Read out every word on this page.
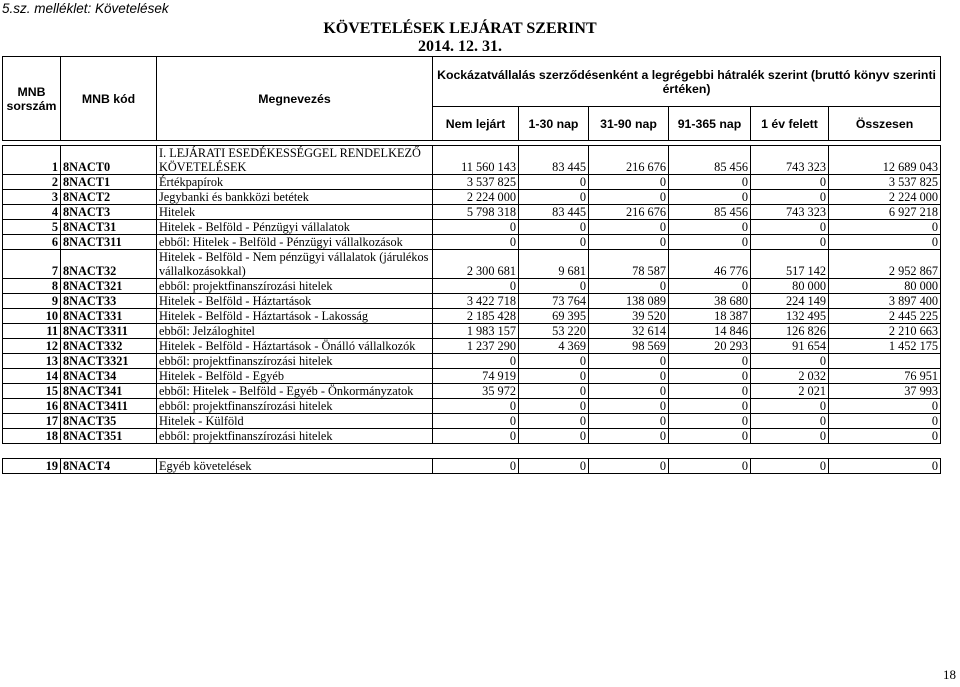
5.sz. melléklet: Követelések
KÖVETELÉSEK LEJÁRAT SZERINT
2014. 12. 31.
MNB sorszám	MNB kód	Megnevezés	Kockázatvállalás szerződésenként a legrégebbi hátralék szerint (bruttó könyv szerinti értéken)					
			Nem lejárt	1-30 nap	31-90 nap	91-365 nap	1 év felett	Összesen

1	8NACT0	I. LEJÁRATI ESEDÉKESSÉGGEL RENDELKEZŐ KÖVETELÉSEK	11 560 143	83 445	216 676	85 456	743 323	12 689 043
2	8NACT1	Értékpapírok	3 537 825	0	0	0	0	3 537 825
3	8NACT2	Jegybanki és bankközi betétek	2 224 000	0	0	0	0	2 224 000
4	8NACT3	Hitelek	5 798 318	83 445	216 676	85 456	743 323	6 927 218
5	8NACT31	Hitelek - Belföld - Pénzügyi vállalatok	0	0	0	0	0	0
6	8NACT311	ebből: Hitelek - Belföld - Pénzügyi vállalkozások	0	0	0	0	0	0
7	8NACT32	Hitelek - Belföld - Nem pénzügyi vállalatok (járulékos vállalkozásokkal)	2 300 681	9 681	78 587	46 776	517 142	2 952 867
8	8NACT321	ebből: projektfinanszírozási hitelek	0	0	0	0	80 000	80 000
9	8NACT33	Hitelek - Belföld - Háztartások	3 422 718	73 764	138 089	38 680	224 149	3 897 400
10	8NACT331	Hitelek - Belföld - Háztartások - Lakosság	2 185 428	69 395	39 520	18 387	132 495	2 445 225
11	8NACT3311	ebből: Jelzáloghitel	1 983 157	53 220	32 614	14 846	126 826	2 210 663
12	8NACT332	Hitelek - Belföld - Háztartások - Önálló vállalkozók	1 237 290	4 369	98 569	20 293	91 654	1 452 175
13	8NACT3321	ebből: projektfinanszírozási hitelek	0	0	0	0	0	
14	8NACT34	Hitelek - Belföld - Egyéb	74 919	0	0	0	2 032	76 951
15	8NACT341	ebből: Hitelek - Belföld - Egyéb - Önkormányzatok	35 972	0	0	0	2 021	37 993
16	8NACT3411	ebből: projektfinanszírozási hitelek	0	0	0	0	0	0
17	8NACT35	Hitelek - Külföld	0	0	0	0	0	0
18	8NACT351	ebből: projektfinanszírozási hitelek	0	0	0	0	0	0

19	8NACT4	Egyéb követelések	0	0	0	0	0	0
18
